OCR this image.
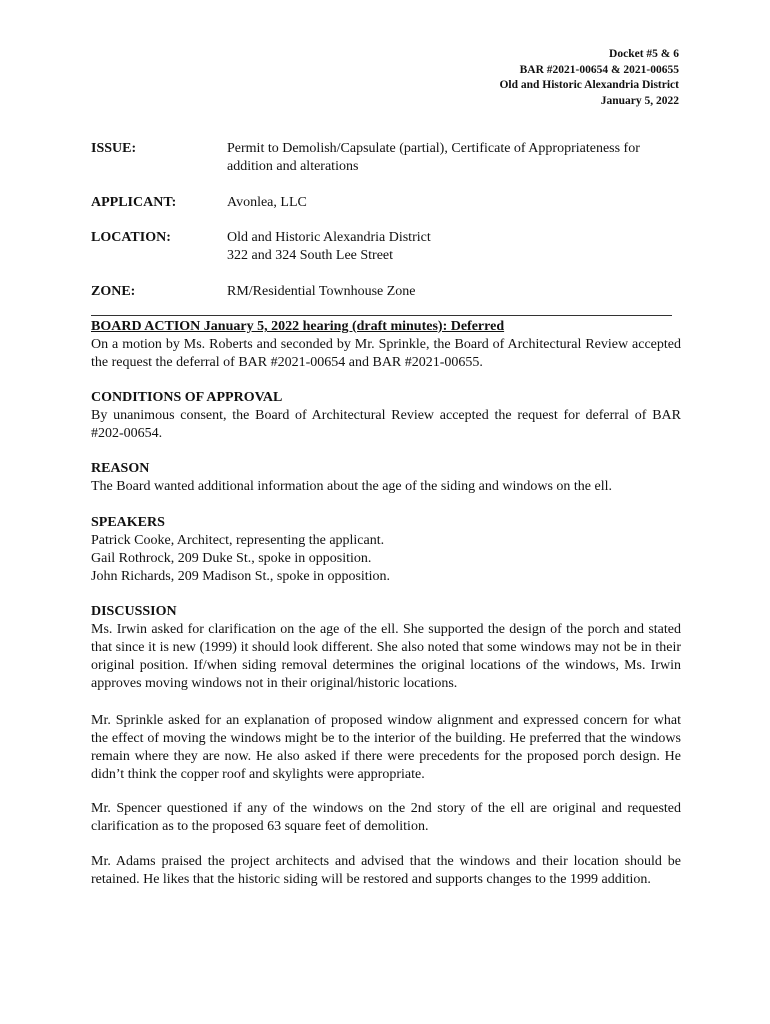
Docket #5 & 6
BAR #2021-00654 & 2021-00655
Old and Historic Alexandria District
January 5, 2022
ISSUE:	Permit to Demolish/Capsulate (partial), Certificate of Appropriateness for addition and alterations
APPLICANT:	Avonlea, LLC
LOCATION:	Old and Historic Alexandria District
322 and 324 South Lee Street
ZONE:	RM/Residential Townhouse Zone
BOARD ACTION January 5, 2022 hearing (draft minutes): Deferred

On a motion by Ms. Roberts and seconded by Mr. Sprinkle, the Board of Architectural Review accepted the request the deferral of BAR #2021-00654 and BAR #2021-00655.

CONDITIONS OF APPROVAL

By unanimous consent, the Board of Architectural Review accepted the request for deferral of BAR #202-00654.

REASON

The Board wanted additional information about the age of the siding and windows on the ell.

SPEAKERS
Patrick Cooke, Architect, representing the applicant.
Gail Rothrock, 209 Duke St., spoke in opposition.
John Richards, 209 Madison St., spoke in opposition.
DISCUSSION

Ms. Irwin asked for clarification on the age of the ell. She supported the design of the porch and stated that since it is new (1999) it should look different. She also noted that some windows may not be in their original position. If/when siding removal determines the original locations of the windows, Ms. Irwin approves moving windows not in their original/historic locations.

Mr. Sprinkle asked for an explanation of proposed window alignment and expressed concern for what the effect of moving the windows might be to the interior of the building. He preferred that the windows remain where they are now. He also asked if there were precedents for the proposed porch design. He didn’t think the copper roof and skylights were appropriate.

Mr. Spencer questioned if any of the windows on the 2nd story of the ell are original and requested clarification as to the proposed 63 square feet of demolition.

Mr. Adams praised the project architects and advised that the windows and their location should be retained. He likes that the historic siding will be restored and supports changes to the 1999 addition.
